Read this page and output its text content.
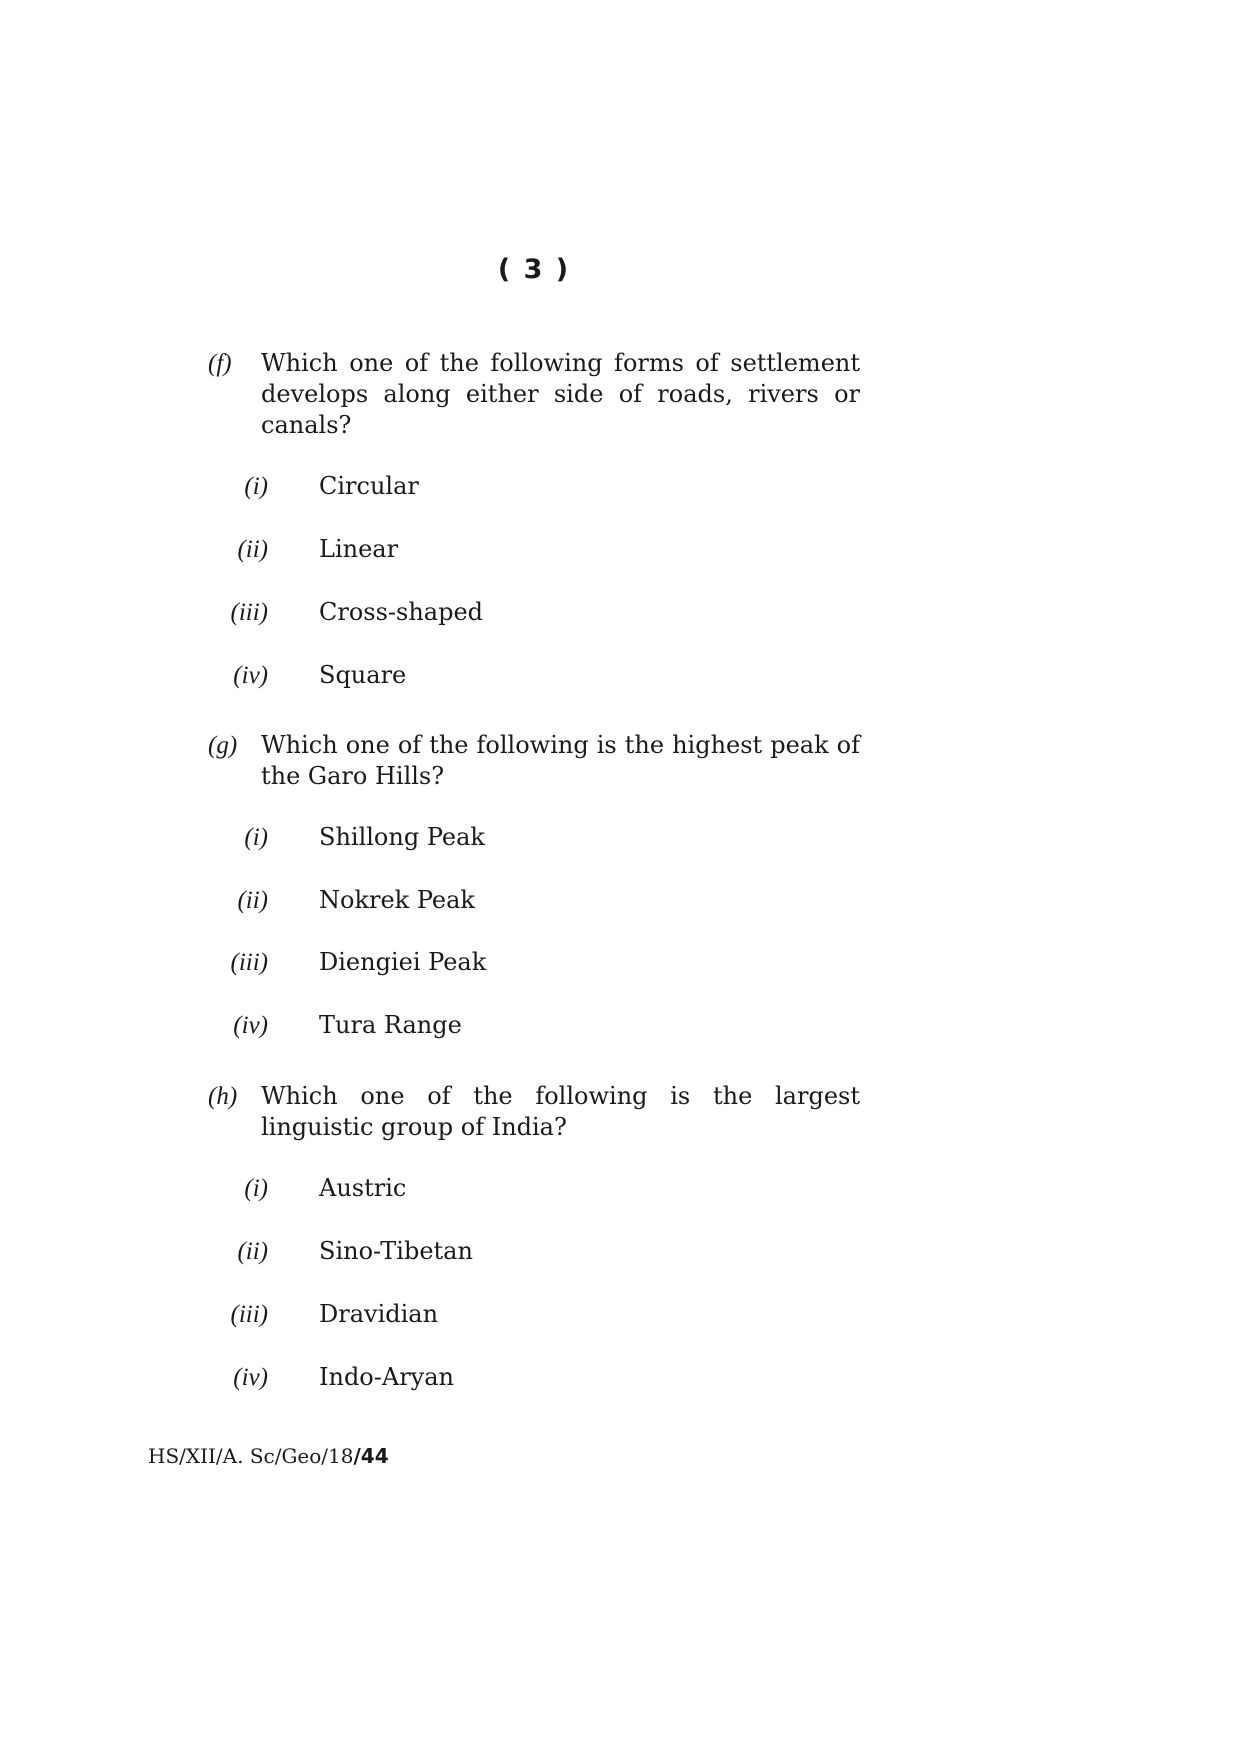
( 3 )
(f) Which one of the following forms of settlement develops along either side of roads, rivers or canals?
(i) Circular
(ii) Linear
(iii) Cross-shaped
(iv) Square
(g) Which one of the following is the highest peak of the Garo Hills?
(i) Shillong Peak
(ii) Nokrek Peak
(iii) Diengiei Peak
(iv) Tura Range
(h) Which one of the following is the largest linguistic group of India?
(i) Austric
(ii) Sino-Tibetan
(iii) Dravidian
(iv) Indo-Aryan
HS/XII/A. Sc/Geo/18/44
